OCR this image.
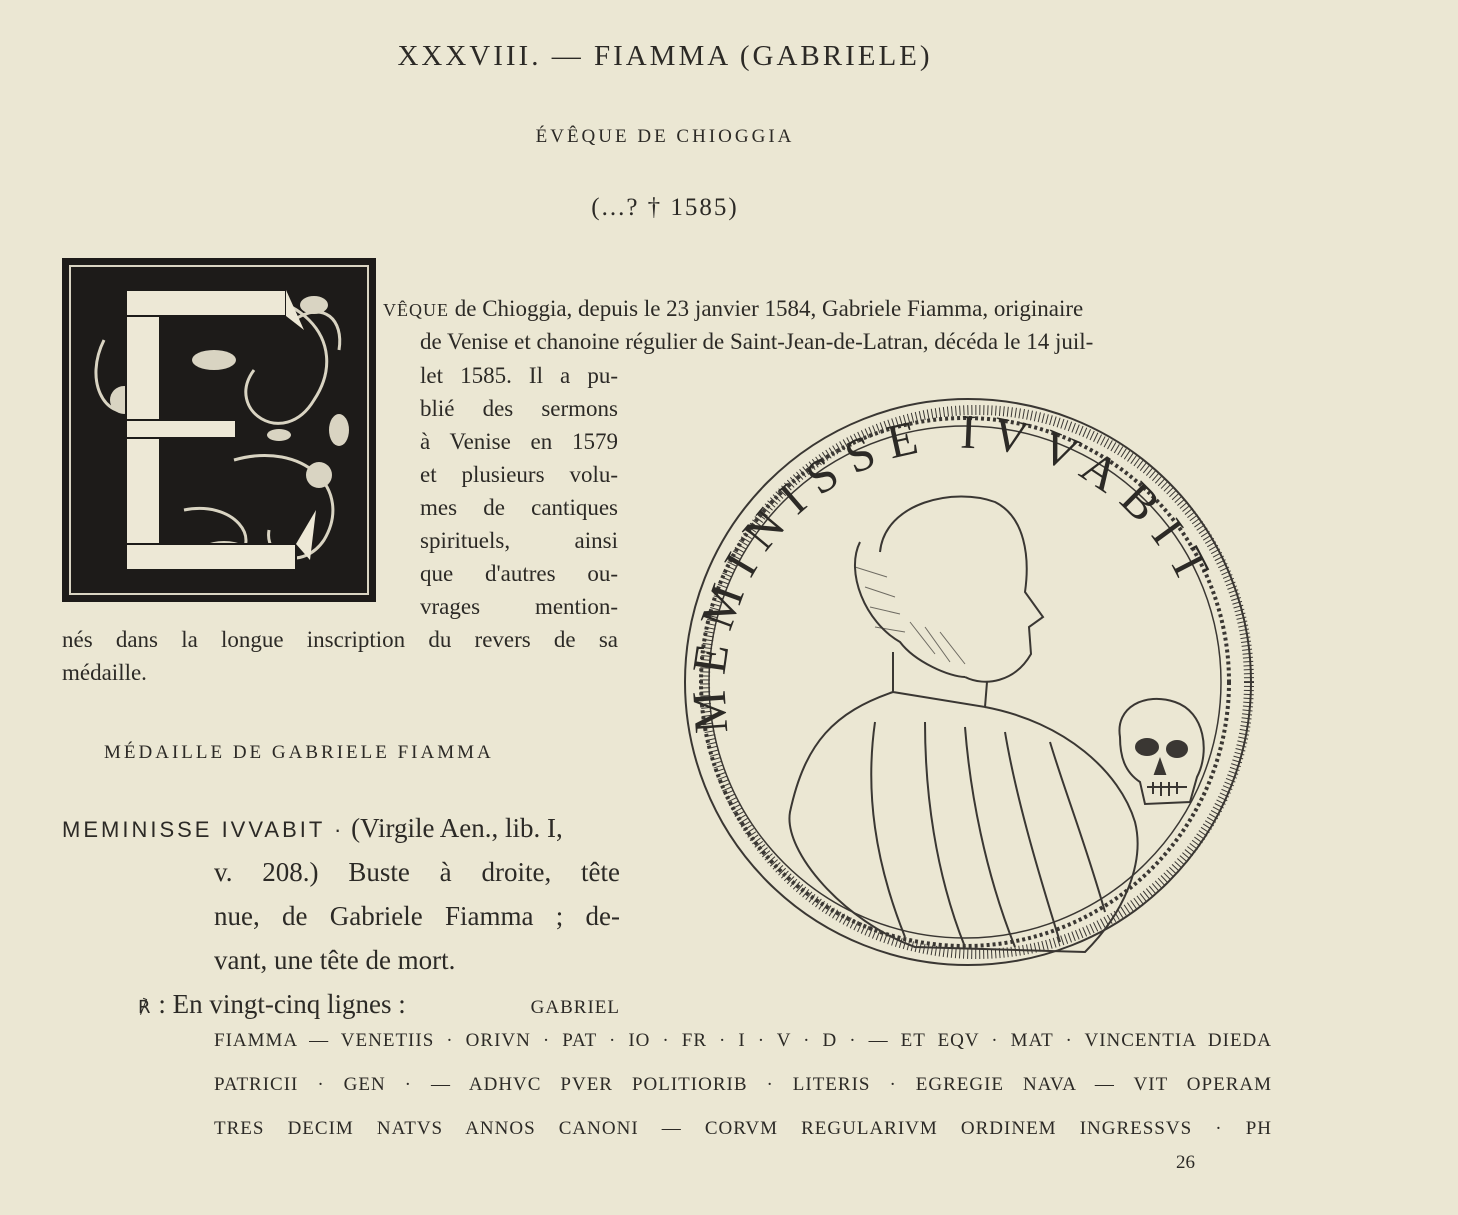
XXXVIII. — FIAMMA (GABRIELE)
ÉVÊQUE DE CHIOGGIA
(...? † 1585)
VÊQUE de Chioggia, depuis le 23 janvier 1584, Gabriele Fiamma, originaire
de Venise et chanoine régulier de Saint-Jean-de-Latran, décéda le 14 juil-
let 1585. Il a pu-
blié des sermons
à Venise en 1579
et plusieurs volu-
mes de cantiques
spirituels, ainsi
que d'autres ou-
vrages mention-
nés dans la longue inscription du revers de sa
médaille.
MEMINISSE IVVABIT
MÉDAILLE DE GABRIELE FIAMMA
MEMINISSE IVVABIT · (Virgile Aen., lib. I,
v. 208.) Buste à droite, tête
nue, de Gabriele Fiamma ; de-
vant, une tête de mort.
℟ : En vingt-cinq lignes :	GABRIEL
FIAMMA — VENETIIS · ORIVN · PAT · IO · FR · I · V · D · — ET EQV · MAT · VINCENTIA DIEDA
PATRICII · GEN · — ADHVC PVER POLITIORIB · LITERIS · EGREGIE NAVA — VIT OPERAM
TRES DECIM NATVS ANNOS CANONI — CORVM REGULARIVM ORDINEM INGRESSVS · PH
26
